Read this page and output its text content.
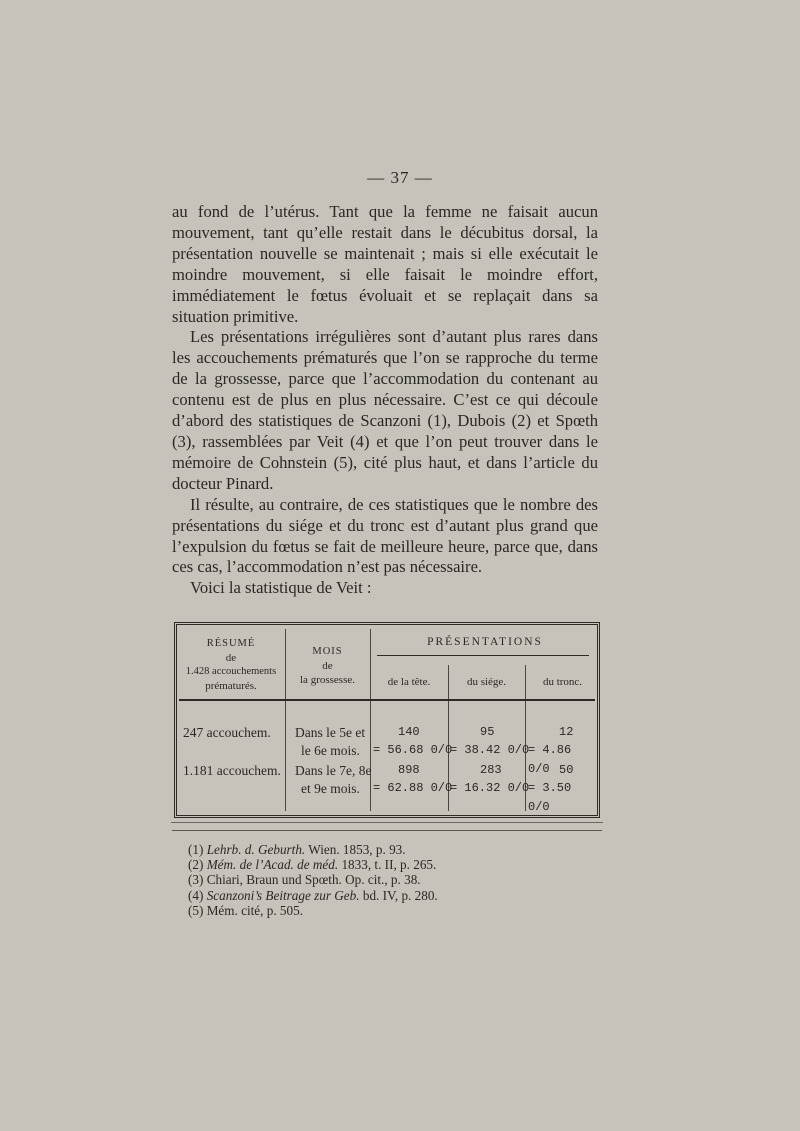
— 37 —

au fond de l’utérus. Tant que la femme ne faisait aucun mouvement, tant qu’elle restait dans le décubitus dorsal, la présentation nouvelle se maintenait ; mais si elle exécutait le moindre mouvement, si elle faisait le moindre effort, immédiatement le fœtus évoluait et se replaçait dans sa situation primitive.

Les présentations irrégulières sont d’autant plus rares dans les accouchements prématurés que l’on se rapproche du terme de la grossesse, parce que l’accommodation du contenant au contenu est de plus en plus nécessaire. C’est ce qui découle d’abord des statistiques de Scanzoni (1), Dubois (2) et Spœth (3), rassemblées par Veit (4) et que l’on peut trouver dans le mémoire de Cohnstein (5), cité plus haut, et dans l’article du docteur Pinard.

Il résulte, au contraire, de ces statistiques que le nombre des présentations du siége et du tronc est d’autant plus grand que l’expulsion du fœtus se fait de meilleure heure, parce que, dans ces cas, l’accommodation n’est pas nécessaire.

Voici la statistique de Veit :

RÉSUMÉ
de
1.428 accouchements
prématurés.
MOIS
de
la grossesse.
PRÉSENTATIONS
de la tête.	du siége.	du tronc.
247 accouchem. Dans le 5e et
le 6e mois.
140
= 56.68 0/0
95
= 38.42 0/0
12
= 4.86 0/0
1.181 accouchem. Dans le 7e, 8e
et 9e mois.
898
= 62.88 0/0
283
= 16.32 0/0
50
= 3.50 0/0

(1) Lehrb. d. Geburth. Wien. 1853, p. 93.

(2) Mém. de l’Acad. de méd. 1833, t. II, p. 265.

(3) Chiari, Braun und Spœth. Op. cit., p. 38.

(4) Scanzoni’s Beitrage zur Geb. bd. IV, p. 280.

(5) Mém. cité, p. 505.
